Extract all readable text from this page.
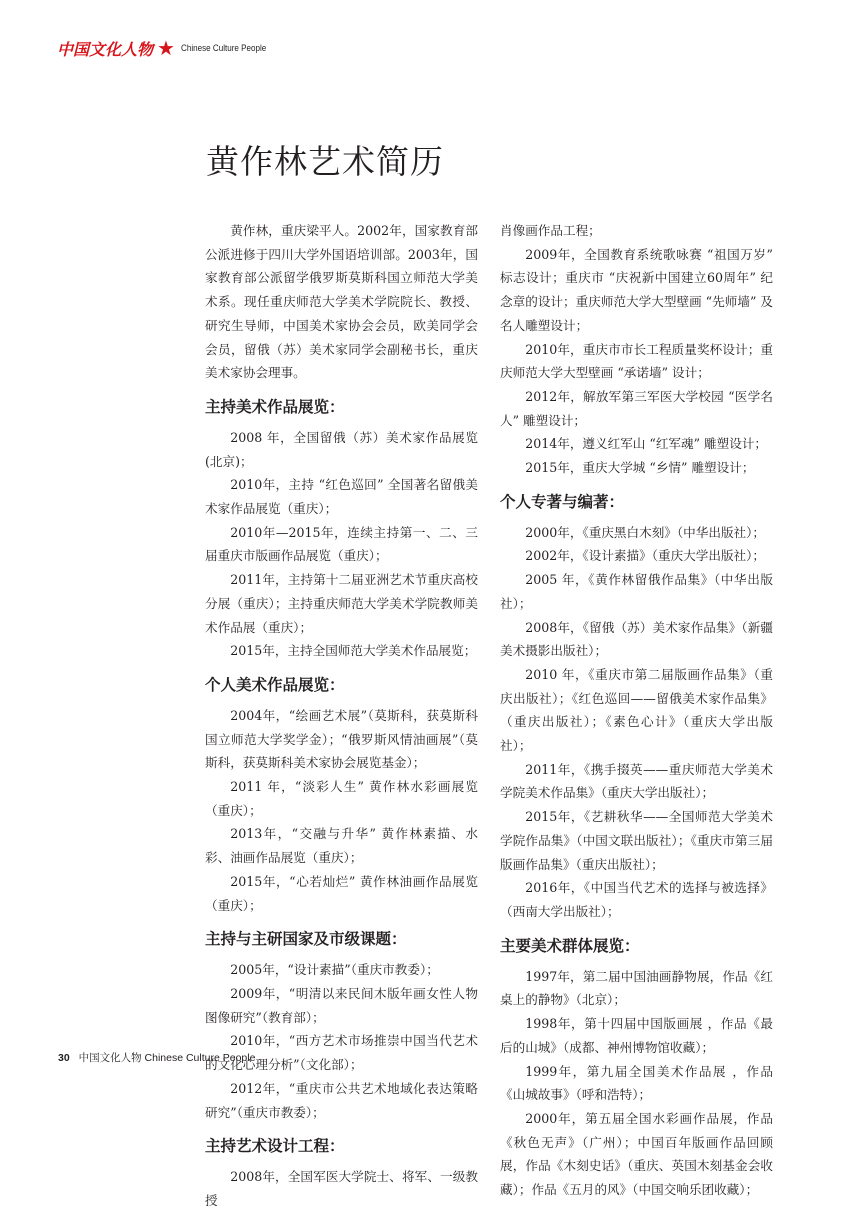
中国文化人物 ★ Chinese Culture People
黄作林艺术简历

黄作林，重庆梁平人。2002年，国家教育部公派进修于四川大学外国语培训部。2003年，国家教育部公派留学俄罗斯莫斯科国立师范大学美术系。现任重庆师范大学美术学院院长、教授、研究生导师，中国美术家协会会员，欧美同学会会员，留俄（苏）美术家同学会副秘书长，重庆美术家协会理事。

主持美术作品展览：

2008 年，全国留俄（苏）美术家作品展览(北京)；

2010年，主持 “红色巡回” 全国著名留俄美术家作品展览（重庆）；

2010年—2015年，连续主持第一、二、三届重庆市版画作品展览（重庆）；

2011年，主持第十二届亚洲艺术节重庆高校分展（重庆）；主持重庆师范大学美术学院教师美术作品展（重庆）；

2015年，主持全国师范大学美术作品展览；

个人美术作品展览：

2004年，“绘画艺术展”（莫斯科，获莫斯科国立师范大学奖学金）；“俄罗斯风情油画展”（莫斯科，获莫斯科美术家协会展览基金）；

2011 年，“淡彩人生” 黄作林水彩画展览（重庆）；

2013年，“交融与升华” 黄作林素描、水彩、油画作品展览（重庆）；

2015年，“心若灿烂” 黄作林油画作品展览（重庆）；

主持与主研国家及市级课题：

2005年，“设计素描”（重庆市教委）；

2009年，“明清以来民间木版年画女性人物图像研究”（教育部）；

2010年，“西方艺术市场推崇中国当代艺术的文化心理分析”（文化部）；

2012年，“重庆市公共艺术地域化表达策略研究”（重庆市教委）；

主持艺术设计工程：

2008年，全国军医大学院士、将军、一级教授

肖像画作品工程；

2009年，全国教育系统歌咏赛 “祖国万岁” 标志设计；重庆市 “庆祝新中国建立60周年” 纪念章的设计；重庆师范大学大型壁画 “先师墙” 及名人雕塑设计；

2010年，重庆市市长工程质量奖杯设计；重庆师范大学大型壁画 “承诺墙” 设计；

2012年，解放军第三军医大学校园 “医学名人” 雕塑设计；

2014年，遵义红军山 “红军魂” 雕塑设计；

2015年，重庆大学城 “乡情” 雕塑设计；

个人专著与编著：

2000年，《重庆黑白木刻》（中华出版社）；

2002年，《设计素描》（重庆大学出版社）；

2005 年，《黄作林留俄作品集》（中华出版社）；

2008年，《留俄（苏）美术家作品集》（新疆美术摄影出版社）；

2010 年，《重庆市第二届版画作品集》（重庆出版社）；《红色巡回——留俄美术家作品集》（重庆出版社）；《素色心计》（重庆大学出版社）；

2011年，《携手掇英——重庆师范大学美术学院美术作品集》（重庆大学出版社）；

2015年，《艺耕秋华——全国师范大学美术学院作品集》（中国文联出版社）；《重庆市第三届版画作品集》（重庆出版社）；

2016年，《中国当代艺术的选择与被选择》（西南大学出版社）；

主要美术群体展览：

1997年，第二届中国油画静物展，作品《红桌上的静物》（北京）；

1998年，第十四届中国版画展 ，作品《最后的山城》（成都、神州博物馆收藏）；

1999年，第九届全国美术作品展 ，作品《山城故事》（呼和浩特）；

2000年，第五届全国水彩画作品展，作品《秋色无声》（广州）；中国百年版画作品回顾展，作品《木刻史话》（重庆、英国木刻基金会收藏）；作品《五月的风》（中国交响乐团收藏）；

30 中国文化人物 Chinese Culture People
